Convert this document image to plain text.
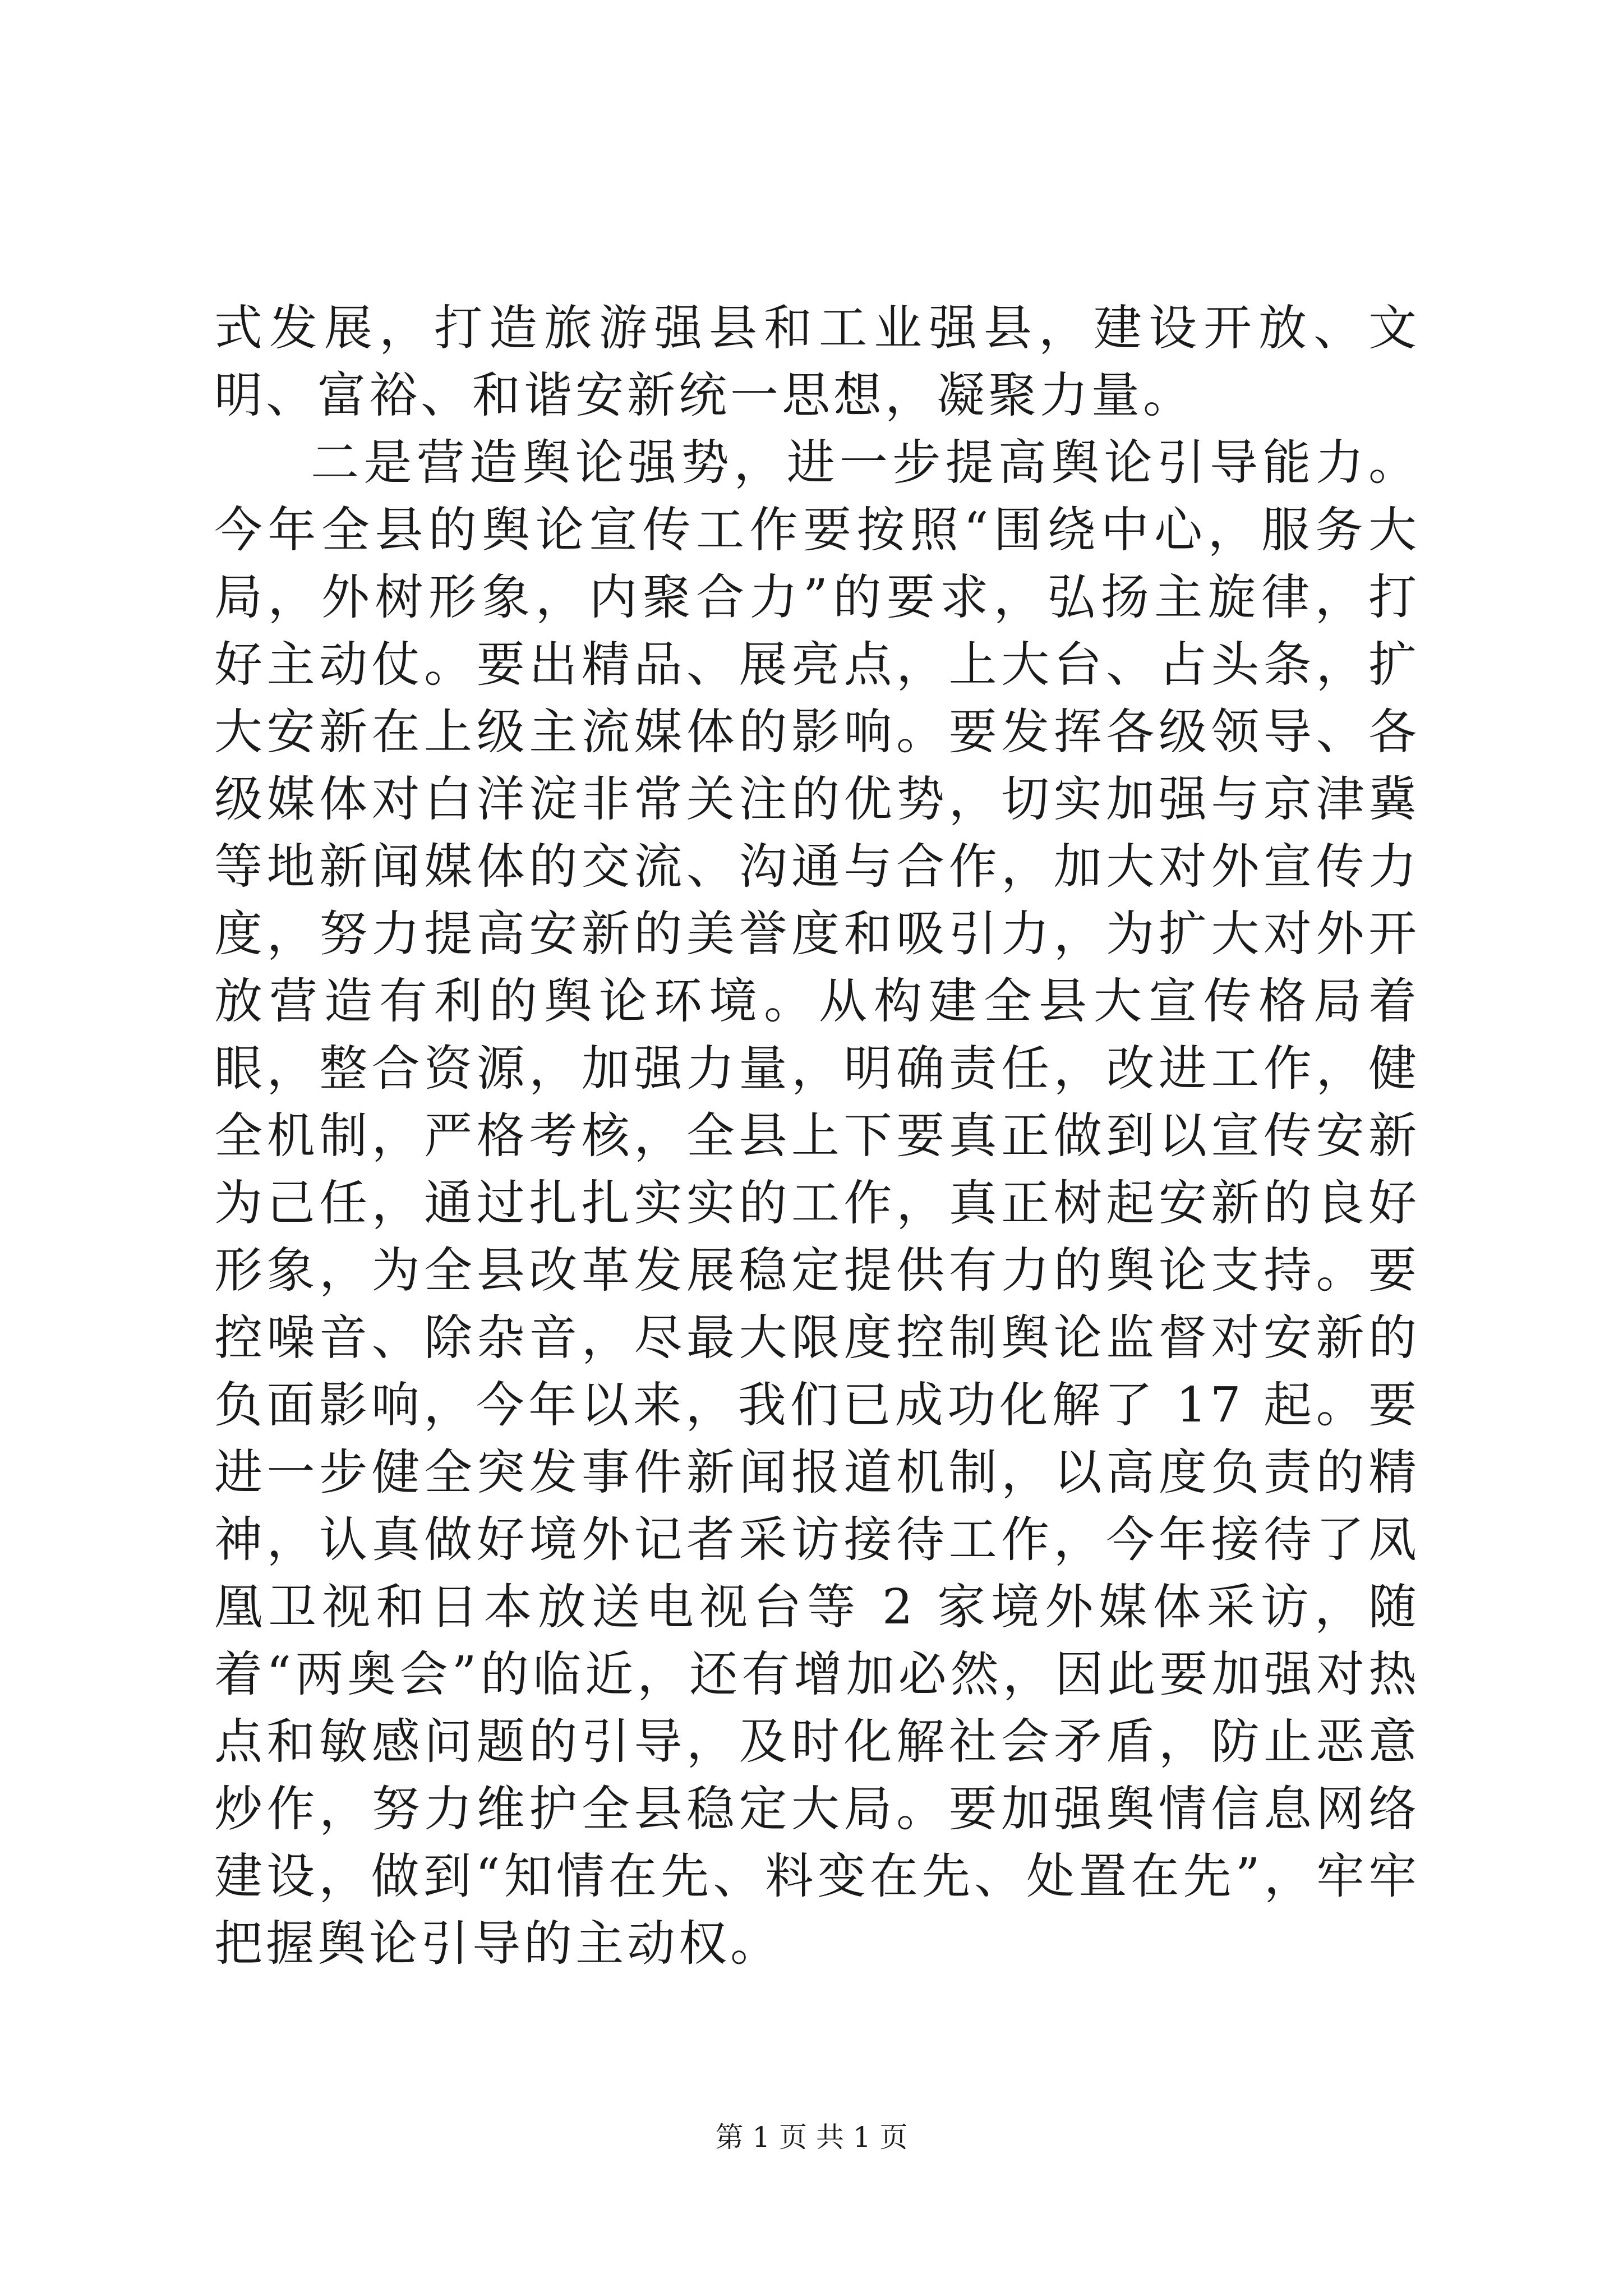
式发展，打造旅游强县和工业强县，建设开放、文明、富裕、和谐安新统一思想，凝聚力量。

二是营造舆论强势，进一步提高舆论引导能力。今年全县的舆论宣传工作要按照“围绕中心，服务大局，外树形象，内聚合力”的要求，弘扬主旋律，打好主动仗。要出精品、展亮点，上大台、占头条，扩大安新在上级主流媒体的影响。要发挥各级领导、各级媒体对白洋淀非常关注的优势，切实加强与京津冀等地新闻媒体的交流、沟通与合作，加大对外宣传力度，努力提高安新的美誉度和吸引力，为扩大对外开放营造有利的舆论环境。从构建全县大宣传格局着眼，整合资源，加强力量，明确责任，改进工作，健全机制，严格考核，全县上下要真正做到以宣传安新为己任，通过扎扎实实的工作，真正树起安新的良好形象，为全县改革发展稳定提供有力的舆论支持。要控噪音、除杂音，尽最大限度控制舆论监督对安新的负面影响，今年以来，我们已成功化解了 17 起。要进一步健全突发事件新闻报道机制，以高度负责的精神，认真做好境外记者采访接待工作，今年接待了凤凰卫视和日本放送电视台等 2 家境外媒体采访，随着“两奥会”的临近，还有增加必然，因此要加强对热点和敏感问题的引导，及时化解社会矛盾，防止恶意炒作，努力维护全县稳定大局。要加强舆情信息网络建设，做到“知情在先、料变在先、处置在先”，牢牢把握舆论引导的主动权。

第 1 页 共 1 页
